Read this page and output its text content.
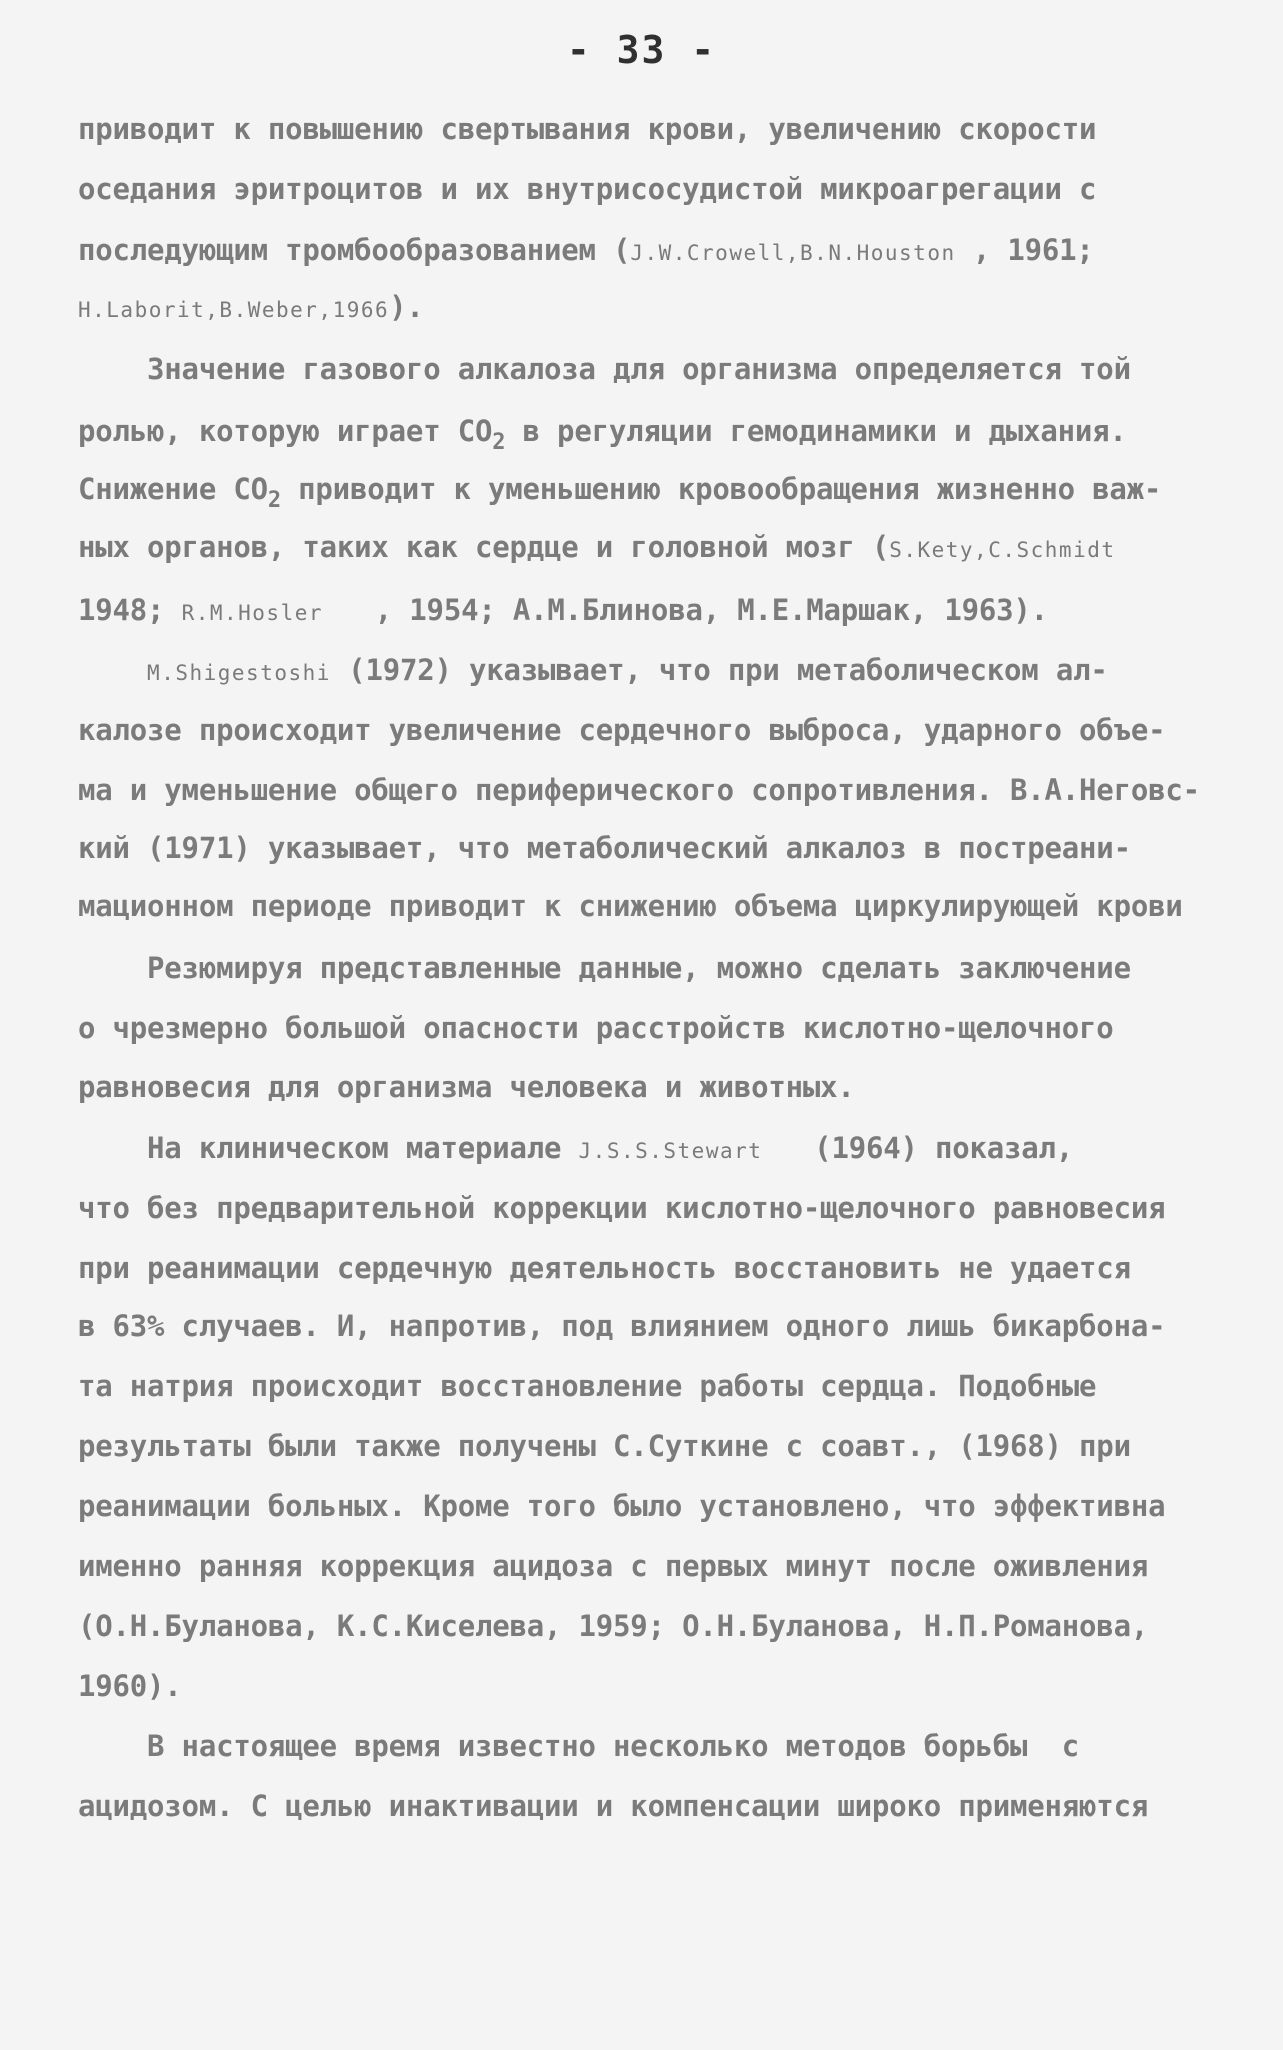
- 33 -
приводит к повышению свертывания крови, увеличению скорости
оседания эритроцитов и их внутрисосудистой микроагрегации с
последующим тромбообразованием (J.W.Crowell,B.N.Houston , 1961;
H.Laborit,B.Weber,1966).
Значение газового алкалоза для организма определяется той
ролью, которую играет $СО_2$ в регуляции гемодинамики и дыхания.
Снижение $СО_2$ приводит к уменьшению кровообращения жизненно важ-
ных органов, таких как сердце и головной мозг (S.Kety,C.Schmidt
1948; R.M.Hosler   , 1954; А.М.Блинова, М.Е.Маршак, 1963).
M.Shigestoshi (1972) указывает, что при метаболическом ал-
калозе происходит увеличение сердечного выброса, ударного объе-
ма и уменьшение общего периферического сопротивления. В.А.Неговс-
кий (1971) указывает, что метаболический алкалоз в постреани-
мационном периоде приводит к снижению объема циркулирующей крови
Резюмируя представленные данные, можно сделать заключение
о чрезмерно большой опасности расстройств кислотно-щелочного
равновесия для организма человека и животных.
На клиническом материале J.S.S.Stewart   (1964) показал,
что без предварительной коррекции кислотно-щелочного равновесия
при реанимации сердечную деятельность восстановить не удается
в 63% случаев. И, напротив, под влиянием одного лишь бикарбона-
та натрия происходит восстановление работы сердца. Подобные
результаты были также получены С.Суткине с соавт., (1968) при
реанимации больных. Кроме того было установлено, что эффективна
именно ранняя коррекция ацидоза с первых минут после оживления
(О.Н.Буланова, К.С.Киселева, 1959; О.Н.Буланова, Н.П.Романова,
1960).
В настоящее время известно несколько методов борьбы  с
ацидозом. С целью инактивации и компенсации широко применяются
